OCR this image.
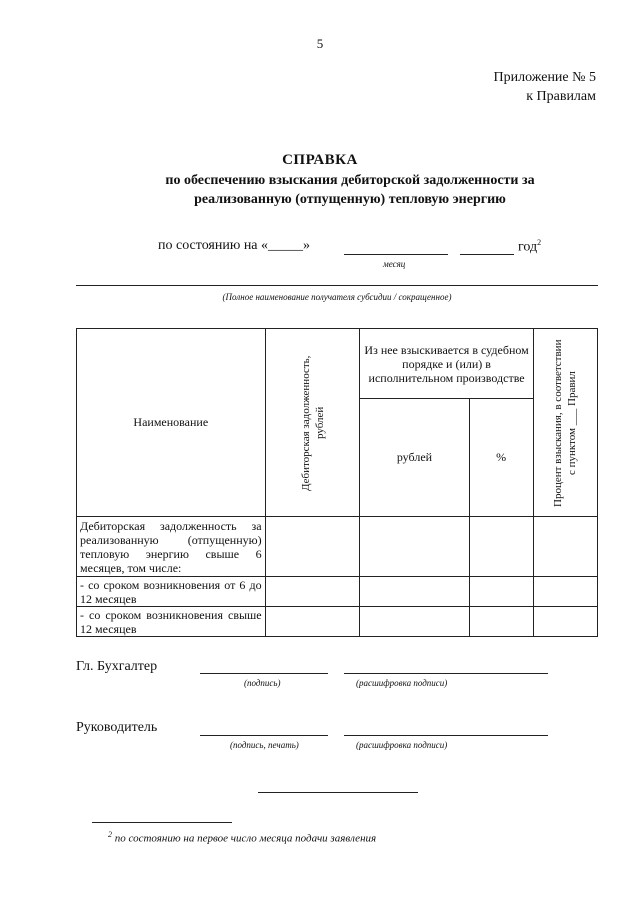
5
Приложение № 5
к Правилам
СПРАВКА
по обеспечению взыскания дебиторской задолженности за
реализованную (отпущенную) тепловую энергию
по состоянию на «_____»
месяц
год$^2$
(Полное наименование получателя субсидии / сокращенное)
Наименование	Дебиторская задолженность, рублей	Из нее взыскивается в судебном порядке и (или) в исполнительном производстве		Процент взыскания, в соответствии с пунктом ___ Правил

		рублей	%	
Дебиторская задолженность за реализованную (отпущенную) тепловую энергию свыше 6 месяцев, том числе:				
- со сроком возникновения от 6 до 12 месяцев				
- со сроком возникновения свыше 12 месяцев				
Гл. Бухгалтер
(подпись)	(расшифровка подписи)
Руководитель
(подпись, печать)	(расшифровка подписи)
$^2$ по состоянию на первое число месяца подачи заявления
